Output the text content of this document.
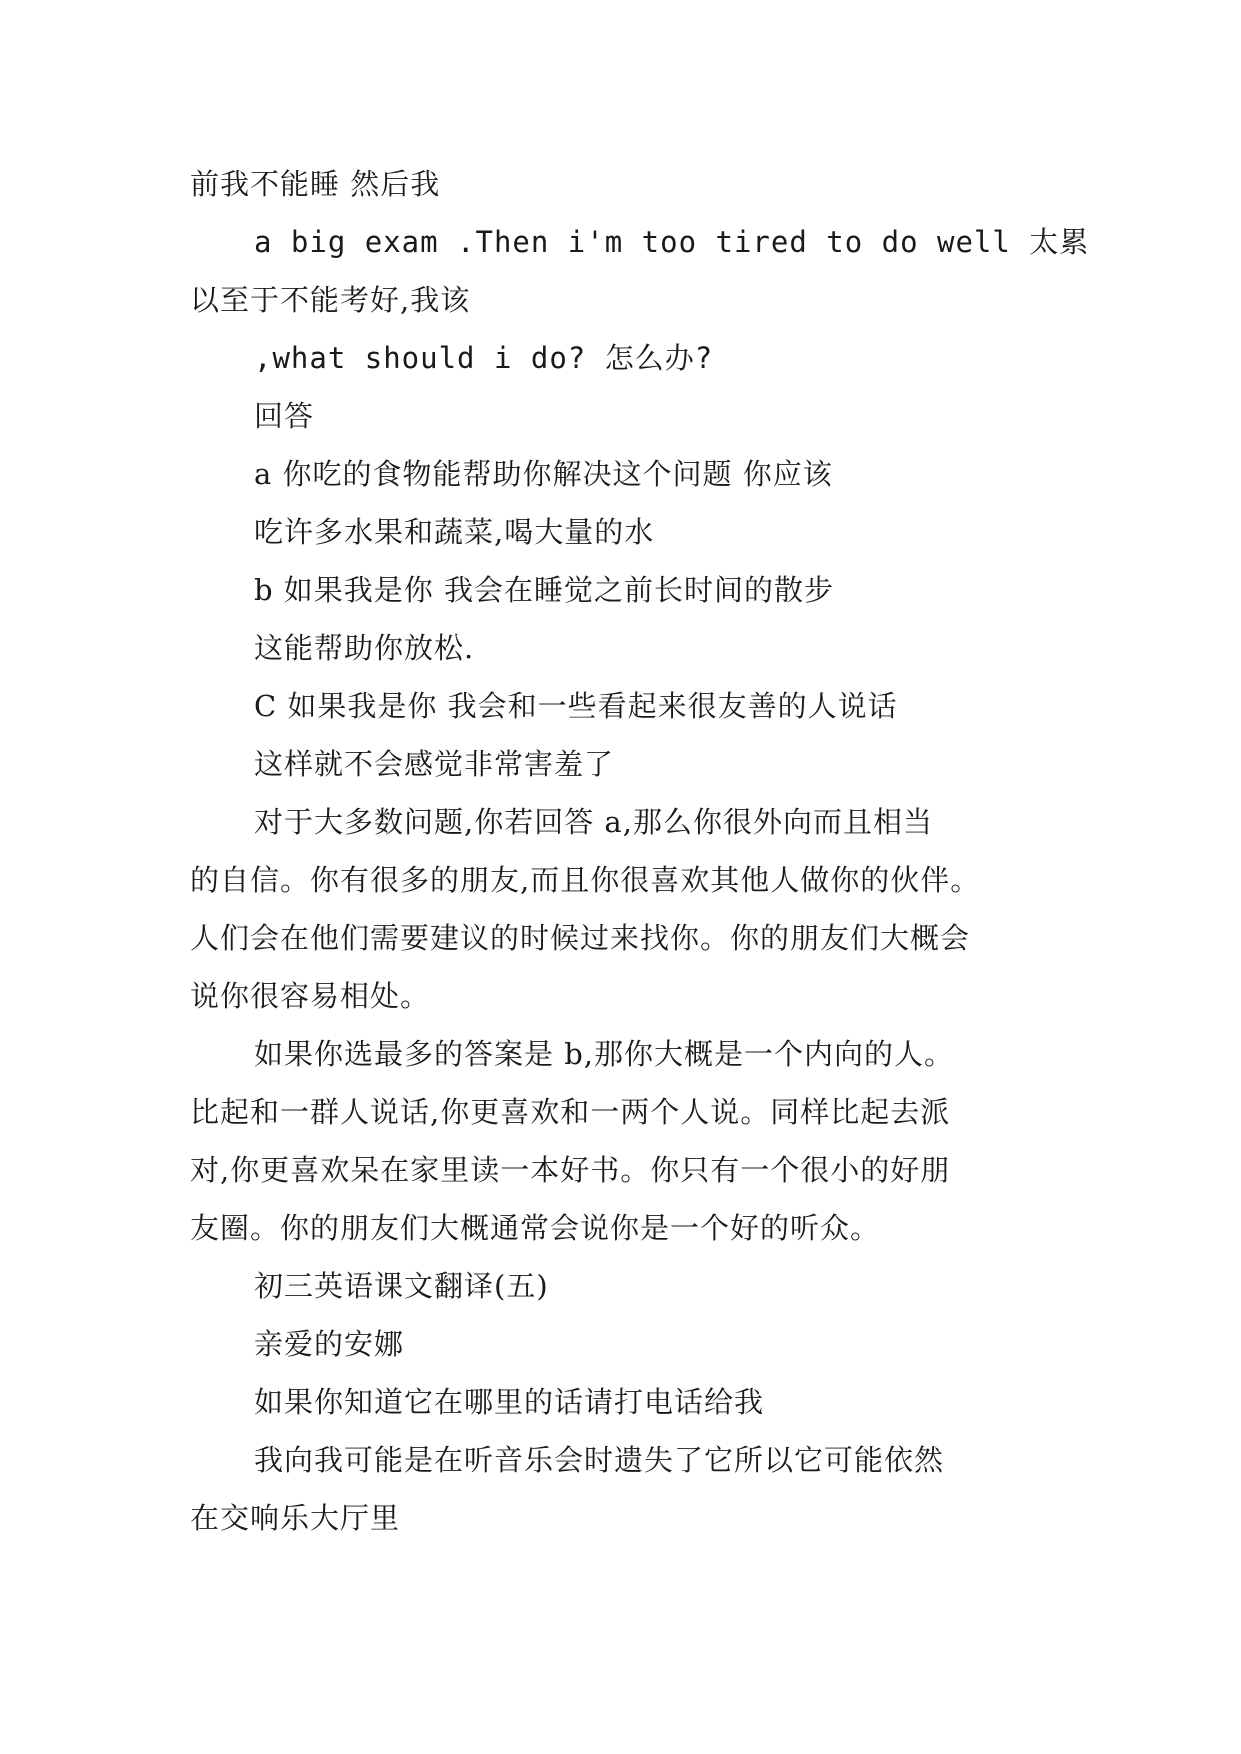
前我不能睡 然后我
a big exam .Then i'm too tired to do well 太累
以至于不能考好,我该
,what should i do? 怎么办?
回答
a 你吃的食物能帮助你解决这个问题 你应该
吃许多水果和蔬菜,喝大量的水
b 如果我是你 我会在睡觉之前长时间的散步
这能帮助你放松.
C 如果我是你 我会和一些看起来很友善的人说话
这样就不会感觉非常害羞了
对于大多数问题,你若回答 a,那么你很外向而且相当
的自信。你有很多的朋友,而且你很喜欢其他人做你的伙伴。
人们会在他们需要建议的时候过来找你。你的朋友们大概会
说你很容易相处。
如果你选最多的答案是 b,那你大概是一个内向的人。
比起和一群人说话,你更喜欢和一两个人说。同样比起去派
对,你更喜欢呆在家里读一本好书。你只有一个很小的好朋
友圈。你的朋友们大概通常会说你是一个好的听众。
初三英语课文翻译(五)
亲爱的安娜
如果你知道它在哪里的话请打电话给我
我向我可能是在听音乐会时遗失了它所以它可能依然
在交响乐大厅里
